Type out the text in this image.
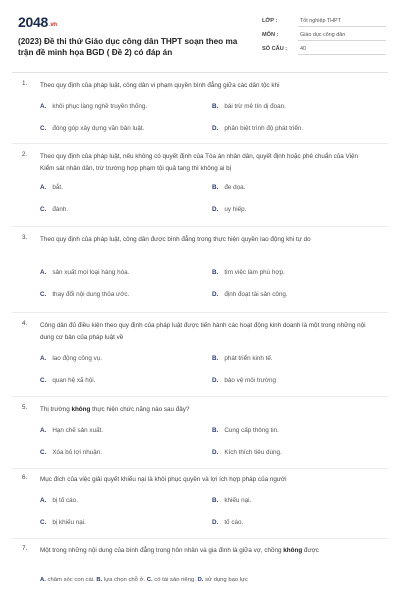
2048.vn
(2023) Đề thi thử Giáo dục công dân THPT soạn theo ma trận đề minh họa BGD ( Đề 2) có đáp án
LỚP :	Tốt nghiệp THPT
MÔN :	Giáo dục công dân
SỐ CÂU :	40
1.	Theo quy định của pháp luật, công dân vi phạm quyền bình đẳng giữa các dân tộc khi
A. khôi phục làng nghề truyền thống.	B. bài trừ mê tín dị đoan.
C. đóng góp xây dựng văn bản luật.	D. phân biệt trình độ phát triển.
2.	Theo quy định của pháp luật, nếu không có quyết định của Tòa án nhân dân, quyết định hoặc phê chuẩn của Viện Kiểm sát nhân dân, trừ trường hợp phạm tội quả tang thì không ai bị
A. bắt.	B. đe dọa.
C. đánh.	D. uy hiếp.
3.	Theo quy định của pháp luật, công dân được bình đẳng trong thực hiện quyền lao động khi tự do
A. sản xuất mọi loại hàng hóa.	B. tìm việc làm phù hợp.
C. thay đổi nội dung thỏa ước.	D. định đoạt tài sản công.
4.	Công dân đủ điều kiện theo quy định của pháp luật được tiến hành các hoạt động kinh doanh là một trong những nội dung cơ bản của pháp luật về
A. lao động công vụ.	B. phát triển kinh tế.
C. quan hệ xã hội.	D. bảo vệ môi trường
5.	Thị trường không thực hiện chức năng nào sau đây?
A. Hạn chế sản xuất.	B. Cung cấp thông tin.
C. Xóa bỏ lợi nhuận.	D. Kích thích tiêu dùng.
6.	Mục đích của việc giải quyết khiếu nại là khôi phục quyền và lợi ích hợp pháp của người
A. bị tố cáo.	B. khiếu nại.
C. bị khiếu nại.	D. tố cáo.
7.	Một trong những nội dung của bình đẳng trong hôn nhân và gia đình là giữa vợ, chồng không được
A. chăm sóc con cái. B. lựa chọn chỗ ở. C. có tài sản riêng. D. sử dụng bạo lực
